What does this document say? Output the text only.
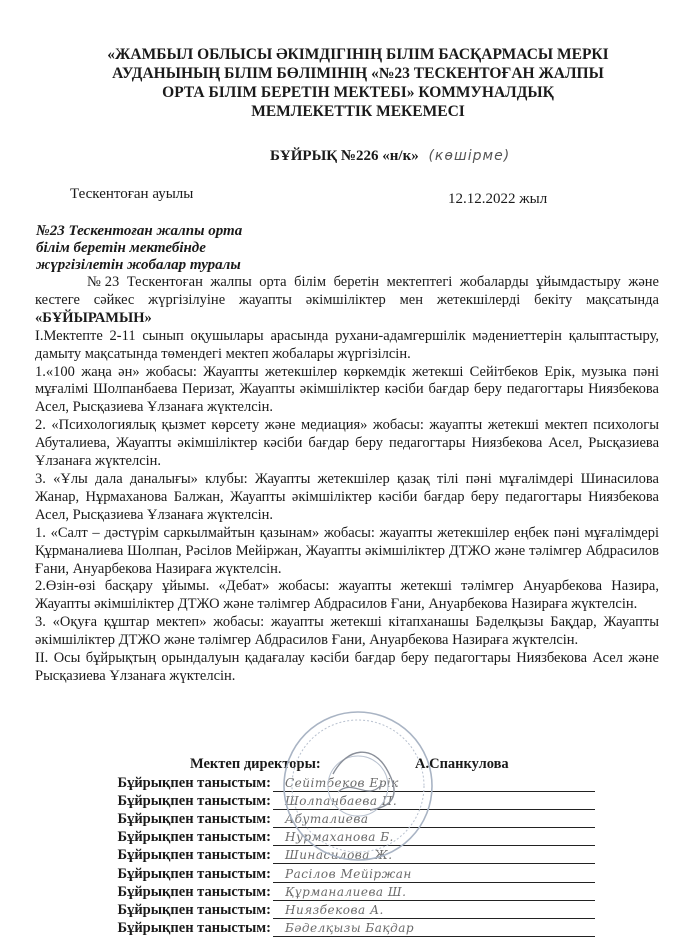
«ЖАМБЫЛ ОБЛЫСЫ ӘКІМДІГІНІҢ БІЛІМ БАСҚАРМАСЫ МЕРКІ
АУДАНЫНЫҢ БІЛІМ БӨЛІМІНІҢ «№23 ТЕСКЕНТОҒАН ЖАЛПЫ
ОРТА БІЛІМ БЕРЕТІН МЕКТЕБІ» КОММУНАЛДЫҚ
МЕМЛЕКЕТТІК МЕКЕМЕСІ
БҰЙРЫҚ №226 «н/к» (көшірме)
Тескентоған ауылы	12.12.2022 жыл
№23 Тескентоған жалпы орта
білім беретін мектебінде
жүргізілетін жобалар туралы

№23 Тескентоған жалпы орта білім беретін мектептегі жобаларды ұйымдастыру және кестеге сәйкес жүргізілуіне жауапты әкімшіліктер мен жетекшілерді бекіту мақсатында «БҰЙЫРАМЫН»

I.Мектепте 2-11 сынып оқушылары арасында рухани-адамгершілік мәдениеттерін қалыптастыру, дамыту мақсатында төмендегі мектеп жобалары жүргізілсін.

1.«100 жаңа ән» жобасы: Жауапты жетекшілер көркемдік жетекші Сейітбеков Ерік, музыка пәні мұғалімі Шолпанбаева Перизат, Жауапты әкімшіліктер кәсіби бағдар беру педагогтары Ниязбекова Асел, Рысқазиева Ұлзанаға жүктелсін.

2. «Психологиялық қызмет көрсету және медиация» жобасы: жауапты жетекші мектеп психологы Абуталиева, Жауапты әкімшіліктер кәсіби бағдар беру педагогтары Ниязбекова Асел, Рысқазиева Ұлзанаға жүктелсін.

3. «Ұлы дала даналығы» клубы: Жауапты жетекшілер қазақ тілі пәні мұғалімдері Шинасилова Жанар, Нұрмаханова Балжан, Жауапты әкімшіліктер кәсіби бағдар беру педагогтары Ниязбекова Асел, Рысқазиева Ұлзанаға жүктелсін.

1. «Салт – дәстүрім саркылмайтын қазынам» жобасы: жауапты жетекшілер еңбек пәні мұғалімдері Құрманалиева Шолпан, Рәсілов Мейіржан, Жауапты әкімшіліктер ДТЖО және тәлімгер Абдрасилов Ғани, Ануарбекова Назираға жүктелсін.

2.Өзін-өзі басқару ұйымы. «Дебат» жобасы: жауапты жетекші тәлімгер Ануарбекова Назира, Жауапты әкімшіліктер ДТЖО және тәлімгер Абдрасилов Ғани, Ануарбекова Назираға жүктелсін.

3. «Оқуға құштар мектеп» жобасы: жауапты жетекші кітапханашы Бәделқызы Бақдар, Жауапты әкімшіліктер ДТЖО және тәлімгер Абдрасилов Ғани, Ануарбекова Назираға жүктелсін.

II. Осы бұйрықтың орындалуын қадағалау кәсіби бағдар беру педагогтары Ниязбекова Асел және Рысқазиева Ұлзанаға жүктелсін.

Мектеп директоры:	А.Спанкулова
Бұйрықпен таныстым: Сейітбеков Ерік
Бұйрықпен таныстым: Шолпанбаева П.
Бұйрықпен таныстым: Абуталиева
Бұйрықпен таныстым: Нурмаханова Б.
Бұйрықпен таныстым: Шинасилова Ж.
Бұйрықпен таныстым: Расілов Мейіржан
Бұйрықпен таныстым: Құрманалиева Ш.
Бұйрықпен таныстым: Ниязбекова А.
Бұйрықпен таныстым: Бәделқызы Бақдар
